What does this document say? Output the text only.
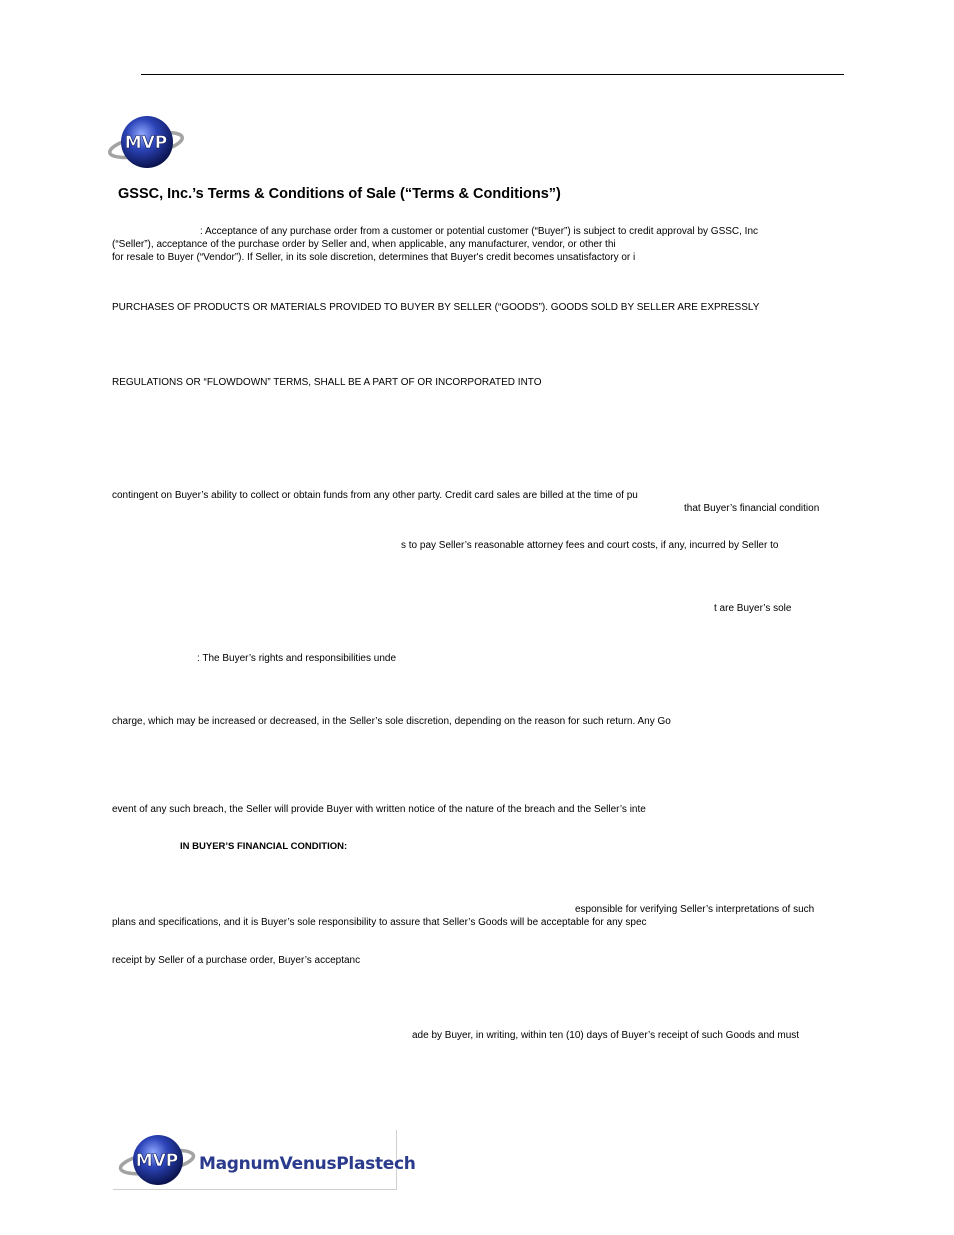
MVP
GSSC, Inc.’s Terms & Conditions of Sale (“Terms & Conditions”)
: Acceptance of any purchase order from a customer or potential customer (“Buyer”) is subject to credit approval by GSSC, Inc
(“Seller”), acceptance of the purchase order by Seller and, when applicable, any manufacturer, vendor, or other thi
for resale to Buyer (“Vendor”). If Seller, in its sole discretion, determines that Buyer's credit becomes unsatisfactory or i
PURCHASES OF PRODUCTS OR MATERIALS PROVIDED TO BUYER BY SELLER (“GOODS”). GOODS SOLD BY SELLER ARE EXPRESSLY
REGULATIONS OR “FLOWDOWN” TERMS, SHALL BE A PART OF OR INCORPORATED INTO
contingent on Buyer’s ability to collect or obtain funds from any other party. Credit card sales are billed at the time of pu
that Buyer’s financial condition
s to pay Seller’s reasonable attorney fees and court costs, if any, incurred by Seller to
t are Buyer’s sole
: The Buyer’s rights and responsibilities unde
charge, which may be increased or decreased, in the Seller’s sole discretion, depending on the reason for such return. Any Go
event of any such breach, the Seller will provide Buyer with written notice of the nature of the breach and the Seller’s inte
IN BUYER’S FINANCIAL CONDITION:
esponsible for verifying Seller’s interpretations of such
plans and specifications, and it is Buyer’s sole responsibility to assure that Seller’s Goods will be acceptable for any spec
receipt by Seller of a purchase order, Buyer’s acceptanc
ade by Buyer, in writing, within ten (10) days of Buyer’s receipt of such Goods and must
MVP MagnumVenusPlastech
